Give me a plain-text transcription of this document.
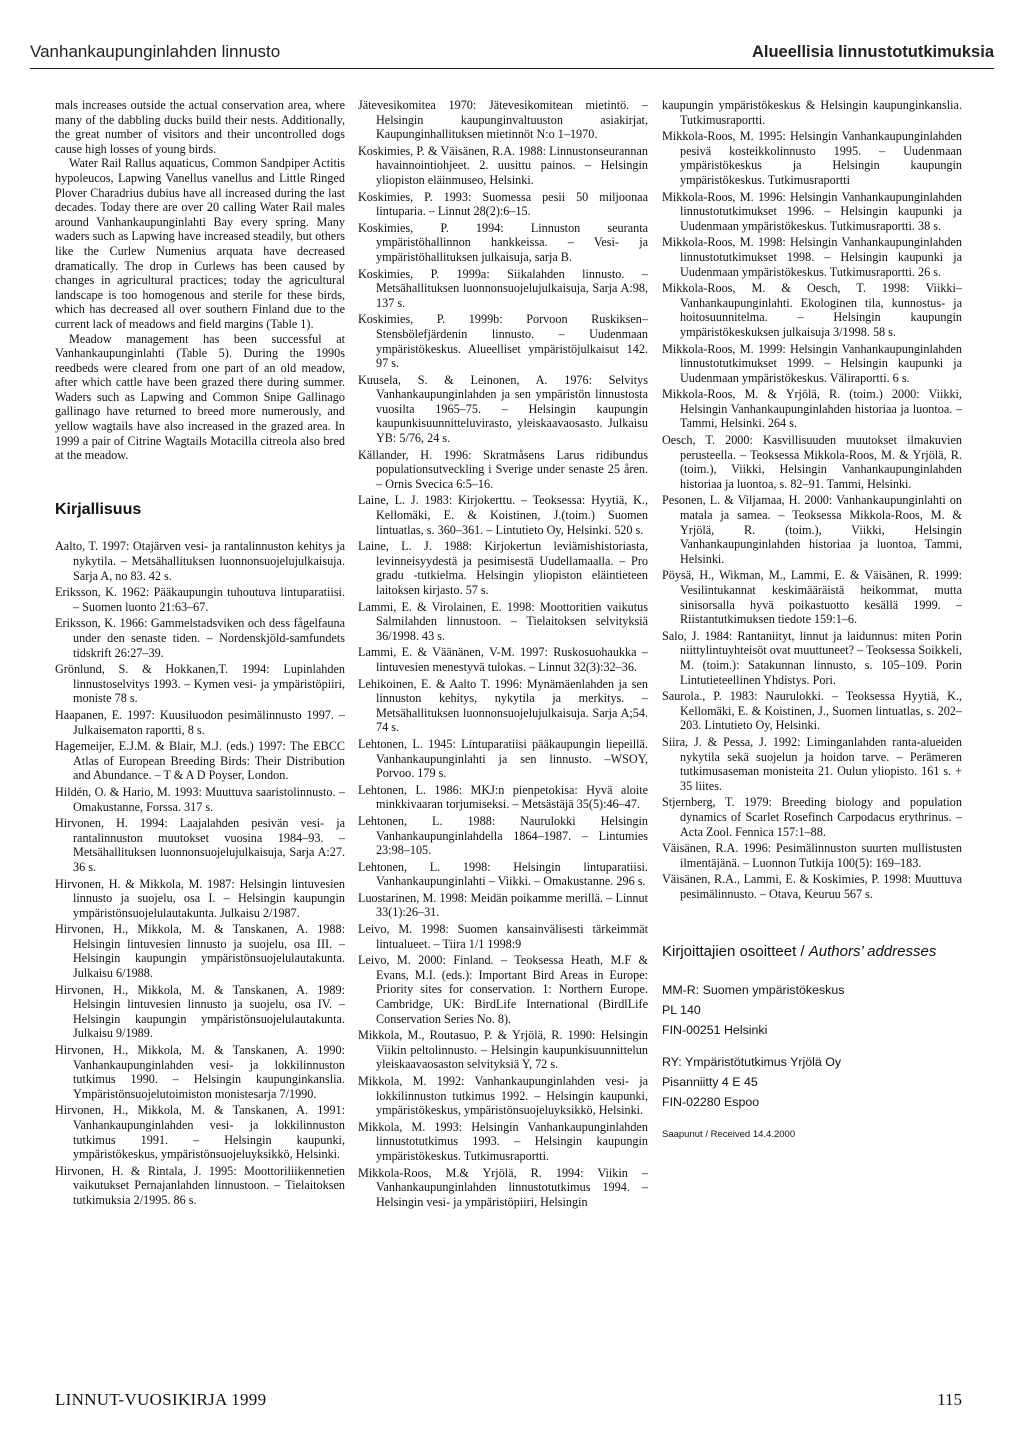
Vanhankaupunginlahden linnusto	Alueellisia linnustotutkimuksia

mals increases outside the actual conservation area, where many of the dabbling ducks build their nests. Additionally, the great number of visitors and their uncontrolled dogs cause high losses of young birds.

Water Rail Rallus aquaticus, Common Sandpiper Actitis hypoleucos, Lapwing Vanellus vanellus and Little Ringed Plover Charadrius dubius have all increased during the last decades. Today there are over 20 calling Water Rail males around Vanhankaupunginlahti Bay every spring. Many waders such as Lapwing have increased steadily, but others like the Curlew Numenius arquata have decreased dramatically. The drop in Curlews has been caused by changes in agricultural practices; today the agricultural landscape is too homogenous and sterile for these birds, which has decreased all over southern Finland due to the current lack of meadows and field margins (Table 1).

Meadow management has been successful at Vanhankaupunginlahti (Table 5). During the 1990s reedbeds were cleared from one part of an old meadow, after which cattle have been grazed there during summer. Waders such as Lapwing and Common Snipe Gallinago gallinago have returned to breed more numerously, and yellow wagtails have also increased in the grazed area. In 1999 a pair of Citrine Wagtails Motacilla citreola also bred at the meadow.

Kirjallisuus

Aalto, T. 1997: Otajärven vesi- ja rantalinnuston kehitys ja nykytila. – Metsähallituksen luonnonsuojelujulkaisuja. Sarja A, no 83. 42 s.

Eriksson, K. 1962: Pääkaupungin tuhoutuva lintuparatiisi. – Suomen luonto 21:63–67.

Eriksson, K. 1966: Gammelstadsviken och dess fågelfauna under den senaste tiden. – Nordenskjöld-samfundets tidskrift 26:27–39.

Grönlund, S. & Hokkanen,T. 1994: Lupinlahden linnustoselvitys 1993. – Kymen vesi- ja ympäristöpiiri, moniste 78 s.

Haapanen, E. 1997: Kuusiluodon pesimälinnusto 1997. – Julkaisematon raportti, 8 s.

Hagemeijer, E.J.M. & Blair, M.J. (eds.) 1997: The EBCC Atlas of European Breeding Birds: Their Distribution and Abundance. – T & A D Poyser, London.

Hildén, O. & Hario, M. 1993: Muuttuva saaristolinnusto. – Omakustanne, Forssa. 317 s.

Hirvonen, H. 1994: Laajalahden pesivän vesi- ja rantalinnuston muutokset vuosina 1984–93. – Metsähallituksen luonnonsuojelujulkaisuja, Sarja A:27. 36 s.

Hirvonen, H. & Mikkola, M. 1987: Helsingin lintuvesien linnusto ja suojelu, osa I. – Helsingin kaupungin ympäristönsuojelulautakunta. Julkaisu 2/1987.

Hirvonen, H., Mikkola, M. & Tanskanen, A. 1988: Helsingin lintuvesien linnusto ja suojelu, osa III. – Helsingin kaupungin ympäristönsuojelulautakunta. Julkaisu 6/1988.

Hirvonen, H., Mikkola, M. & Tanskanen, A. 1989: Helsingin lintuvesien linnusto ja suojelu, osa IV. – Helsingin kaupungin ympäristönsuojelulautakunta. Julkaisu 9/1989.

Hirvonen, H., Mikkola, M. & Tanskanen, A. 1990: Vanhankaupunginlahden vesi- ja lokkilinnuston tutkimus 1990. – Helsingin kaupunginkanslia. Ympäristönsuojelutoimiston monistesarja 7/1990.

Hirvonen, H., Mikkola, M. & Tanskanen, A. 1991: Vanhankaupunginlahden vesi- ja lokkilinnuston tutkimus 1991. – Helsingin kaupunki, ympäristökeskus, ympäristönsuojeluyksikkö, Helsinki.

Hirvonen, H. & Rintala, J. 1995: Moottoriliikennetien vaikutukset Pernajanlahden linnustoon. – Tielaitoksen tutkimuksia 2/1995. 86 s.

Jätevesikomitea 1970: Jätevesikomitean mietintö. – Helsingin kaupunginvaltuuston asiakirjat, Kaupunginhallituksen mietinnöt N:o 1–1970.

Koskimies, P. & Väisänen, R.A. 1988: Linnustonseurannan havainnointiohjeet. 2. uusittu painos. – Helsingin yliopiston eläinmuseo, Helsinki.

Koskimies, P. 1993: Suomessa pesii 50 miljoonaa lintuparia. – Linnut 28(2):6–15.

Koskimies, P. 1994: Linnuston seuranta ympäristöhallinnon hankkeissa. – Vesi- ja ympäristöhallituksen julkaisuja, sarja B.

Koskimies, P. 1999a: Siikalahden linnusto. – Metsähallituksen luonnonsuojelujulkaisuja, Sarja A:98, 137 s.

Koskimies, P. 1999b: Porvoon Ruskiksen–Stensbölefjärdenin linnusto. – Uudenmaan ympäristökeskus. Alueelliset ympäristöjulkaisut 142. 97 s.

Kuusela, S. & Leinonen, A. 1976: Selvitys Vanhankaupunginlahden ja sen ympäristön linnustosta vuosilta 1965–75. – Helsingin kaupungin kaupunkisuunnitteluvirasto, yleiskaavaosasto. Julkaisu YB: 5/76, 24 s.

Källander, H. 1996: Skratmåsens Larus ridibundus populationsutveckling i Sverige under senaste 25 åren. – Ornis Svecica 6:5–16.

Laine, L. J. 1983: Kirjokerttu. – Teoksessa: Hyytiä, K., Kellomäki, E. & Koistinen, J.(toim.) Suomen lintuatlas, s. 360–361. – Lintutieto Oy, Helsinki. 520 s.

Laine, L. J. 1988: Kirjokertun leviämishistoriasta, levinneisyydestä ja pesimisestä Uudellamaalla. – Pro gradu -tutkielma. Helsingin yliopiston eläintieteen laitoksen kirjasto. 57 s.

Lammi, E. & Virolainen, E. 1998: Moottoritien vaikutus Salmilahden linnustoon. – Tielaitoksen selvityksiä 36/1998. 43 s.

Lammi, E. & Väänänen, V-M. 1997: Ruskosuohaukka – lintuvesien menestyvä tulokas. – Linnut 32(3):32–36.

Lehikoinen, E. & Aalto T. 1996: Mynämäenlahden ja sen linnuston kehitys, nykytila ja merkitys. – Metsähallituksen luonnonsuojelujulkaisuja. Sarja A;54. 74 s.

Lehtonen, L. 1945: Lintuparatiisi pääkaupungin liepeillä. Vanhankaupunginlahti ja sen linnusto. –WSOY, Porvoo. 179 s.

Lehtonen, L. 1986: MKJ:n pienpetokisa: Hyvä aloite minkkivaaran torjumiseksi. – Metsästäjä 35(5):46–47.

Lehtonen, L. 1988: Naurulokki Helsingin Vanhankaupunginlahdella 1864–1987. – Lintumies 23:98–105.

Lehtonen, L. 1998: Helsingin lintuparatiisi. Vanhankaupunginlahti – Viikki. – Omakustanne. 296 s.

Luostarinen, M. 1998: Meidän poikamme merillä. – Linnut 33(1):26–31.

Leivo, M. 1998: Suomen kansainvälisesti tärkeimmät lintualueet. – Tiira 1/1 1998:9

Leivo, M. 2000: Finland. – Teoksessa Heath, M.F & Evans, M.I. (eds.): Important Bird Areas in Europe: Priority sites for conservation. 1: Northern Europe. Cambridge, UK: BirdLife International (BirdlLife Conservation Series No. 8).

Mikkola, M., Routasuo, P. & Yrjölä, R. 1990: Helsingin Viikin peltolinnusto. – Helsingin kaupunkisuunnittelun yleiskaavaosaston selvityksiä Y, 72 s.

Mikkola, M. 1992: Vanhankaupunginlahden vesi- ja lokkilinnuston tutkimus 1992. – Helsingin kaupunki, ympäristökeskus, ympäristönsuojeluyksikkö, Helsinki.

Mikkola, M. 1993: Helsingin Vanhankaupunginlahden linnustotutkimus 1993. – Helsingin kaupungin ympäristökeskus. Tutkimusraportti.

Mikkola-Roos, M.& Yrjölä, R. 1994: Viikin – Vanhankaupunginlahden linnustotutkimus 1994. – Helsingin vesi- ja ympäristöpiiri, Helsingin

kaupungin ympäristökeskus & Helsingin kaupunginkanslia. Tutkimusraportti.

Mikkola-Roos, M. 1995: Helsingin Vanhankaupunginlahden pesivä kosteikkolinnusto 1995. – Uudenmaan ympäristökeskus ja Helsingin kaupungin ympäristökeskus. Tutkimusraportti

Mikkola-Roos, M. 1996: Helsingin Vanhankaupunginlahden linnustotutkimukset 1996. – Helsingin kaupunki ja Uudenmaan ympäristökeskus. Tutkimusraportti. 38 s.

Mikkola-Roos, M. 1998: Helsingin Vanhankaupunginlahden linnustotutkimukset 1998. – Helsingin kaupunki ja Uudenmaan ympäristökeskus. Tutkimusraportti. 26 s.

Mikkola-Roos, M. & Oesch, T. 1998: Viikki–Vanhankaupunginlahti. Ekologinen tila, kunnostus- ja hoitosuunnitelma. – Helsingin kaupungin ympäristökeskuksen julkaisuja 3/1998. 58 s.

Mikkola-Roos, M. 1999: Helsingin Vanhankaupunginlahden linnustotutkimukset 1999. – Helsingin kaupunki ja Uudenmaan ympäristökeskus. Väliraportti. 6 s.

Mikkola-Roos, M. & Yrjölä, R. (toim.) 2000: Viikki, Helsingin Vanhankaupunginlahden historiaa ja luontoa. – Tammi, Helsinki. 264 s.

Oesch, T. 2000: Kasvillisuuden muutokset ilmakuvien perusteella. – Teoksessa Mikkola-Roos, M. & Yrjölä, R. (toim.), Viikki, Helsingin Vanhankaupunginlahden historiaa ja luontoa, s. 82–91. Tammi, Helsinki.

Pesonen, L. & Viljamaa, H. 2000: Vanhankaupunginlahti on matala ja samea. – Teoksessa Mikkola-Roos, M. & Yrjölä, R. (toim.), Viikki, Helsingin Vanhankaupunginlahden historiaa ja luontoa, Tammi, Helsinki.

Pöysä, H., Wikman, M., Lammi, E. & Väisänen, R. 1999: Vesilintukannat keskimääräistä heikommat, mutta sinisorsalla hyvä poikastuotto kesällä 1999. – Riistantutkimuksen tiedote 159:1–6.

Salo, J. 1984: Rantaniityt, linnut ja laidunnus: miten Porin niittylintuyhteisöt ovat muuttuneet? – Teoksessa Soikkeli, M. (toim.): Satakunnan linnusto, s. 105–109. Porin Lintutieteellinen Yhdistys. Pori.

Saurola., P. 1983: Naurulokki. – Teoksessa Hyytiä, K., Kellomäki, E. & Koistinen, J., Suomen lintuatlas, s. 202–203. Lintutieto Oy, Helsinki.

Siira, J. & Pessa, J. 1992: Liminganlahden ranta-alueiden nykytila sekä suojelun ja hoidon tarve. – Perämeren tutkimusaseman monisteita 21. Oulun yliopisto. 161 s. + 35 liites.

Stjernberg, T. 1979: Breeding biology and population dynamics of Scarlet Rosefinch Carpodacus erythrinus. – Acta Zool. Fennica 157:1–88.

Väisänen, R.A. 1996: Pesimälinnuston suurten mullistusten ilmentäjänä. – Luonnon Tutkija 100(5): 169–183.

Väisänen, R.A., Lammi, E. & Koskimies, P. 1998: Muuttuva pesimälinnusto. – Otava, Keuruu 567 s.

Kirjoittajien osoitteet / Authors’ addresses

MM-R: Suomen ympäristökeskus

PL 140

FIN-00251 Helsinki

RY: Ympäristötutkimus Yrjölä Oy

Pisanniitty 4 E 45

FIN-02280 Espoo

Saapunut / Received 14.4.2000
LINNUT-VUOSIKIRJA 1999	115
